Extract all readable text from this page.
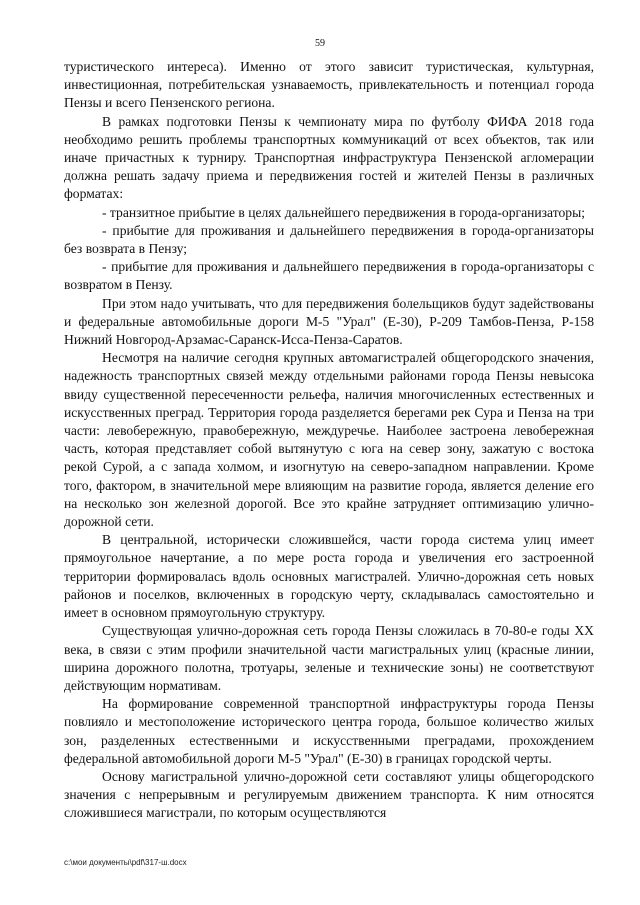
59

туристического интереса). Именно от этого зависит туристическая, культурная, инвестиционная, потребительская узнаваемость, привлекательность и потенциал города Пензы и всего Пензенского региона.

В рамках подготовки Пензы к чемпионату мира по футболу ФИФА 2018 года необходимо решить проблемы транспортных коммуникаций от всех объектов, так или иначе причастных к турниру. Транспортная инфраструктура Пензенской агломерации должна решать задачу приема и передвижения гостей и жителей Пензы в различных форматах:

- транзитное прибытие в целях дальнейшего передвижения в города-организаторы;

- прибытие для проживания и дальнейшего передвижения в города-организаторы без возврата в Пензу;

- прибытие для проживания и дальнейшего передвижения в города-организаторы с возвратом в Пензу.

При этом надо учитывать, что для передвижения болельщиков будут задействованы и федеральные автомобильные дороги М-5 "Урал" (Е-30), Р-209 Тамбов-Пенза, Р-158 Нижний Новгород-Арзамас-Саранск-Исса-Пенза-Саратов.

Несмотря на наличие сегодня крупных автомагистралей общегородского значения, надежность транспортных связей между отдельными районами города Пензы невысока ввиду существенной пересеченности рельефа, наличия многочисленных естественных и искусственных преград. Территория города разделяется берегами рек Сура и Пенза на три части: левобережную, правобережную, междуречье. Наиболее застроена левобережная часть, которая представляет собой вытянутую с юга на север зону, зажатую с востока рекой Сурой, а с запада холмом, и изогнутую на северо-западном направлении. Кроме того, фактором, в значительной мере влияющим на развитие города, является деление его на несколько зон железной дорогой. Все это крайне затрудняет оптимизацию улично-дорожной сети.

В центральной, исторически сложившейся, части города система улиц имеет прямоугольное начертание, а по мере роста города и увеличения его застроенной территории формировалась вдоль основных магистралей. Улично-дорожная сеть новых районов и поселков, включенных в городскую черту, складывалась самостоятельно и имеет в основном прямоугольную структуру.

Существующая улично-дорожная сеть города Пензы сложилась в 70-80-е годы XX века, в связи с этим профили значительной части магистральных улиц (красные линии, ширина дорожного полотна, тротуары, зеленые и технические зоны) не соответствуют действующим нормативам.

На формирование современной транспортной инфраструктуры города Пензы повлияло и местоположение исторического центра города, большое количество жилых зон, разделенных естественными и искусственными преградами, прохождением федеральной автомобильной дороги М-5 "Урал" (Е-30) в границах городской черты.

Основу магистральной улично-дорожной сети составляют улицы общегородского значения с непрерывным и регулируемым движением транспорта. К ним относятся сложившиеся магистрали, по которым осуществляются

c:\мои документы\pdf\317-ш.docx
